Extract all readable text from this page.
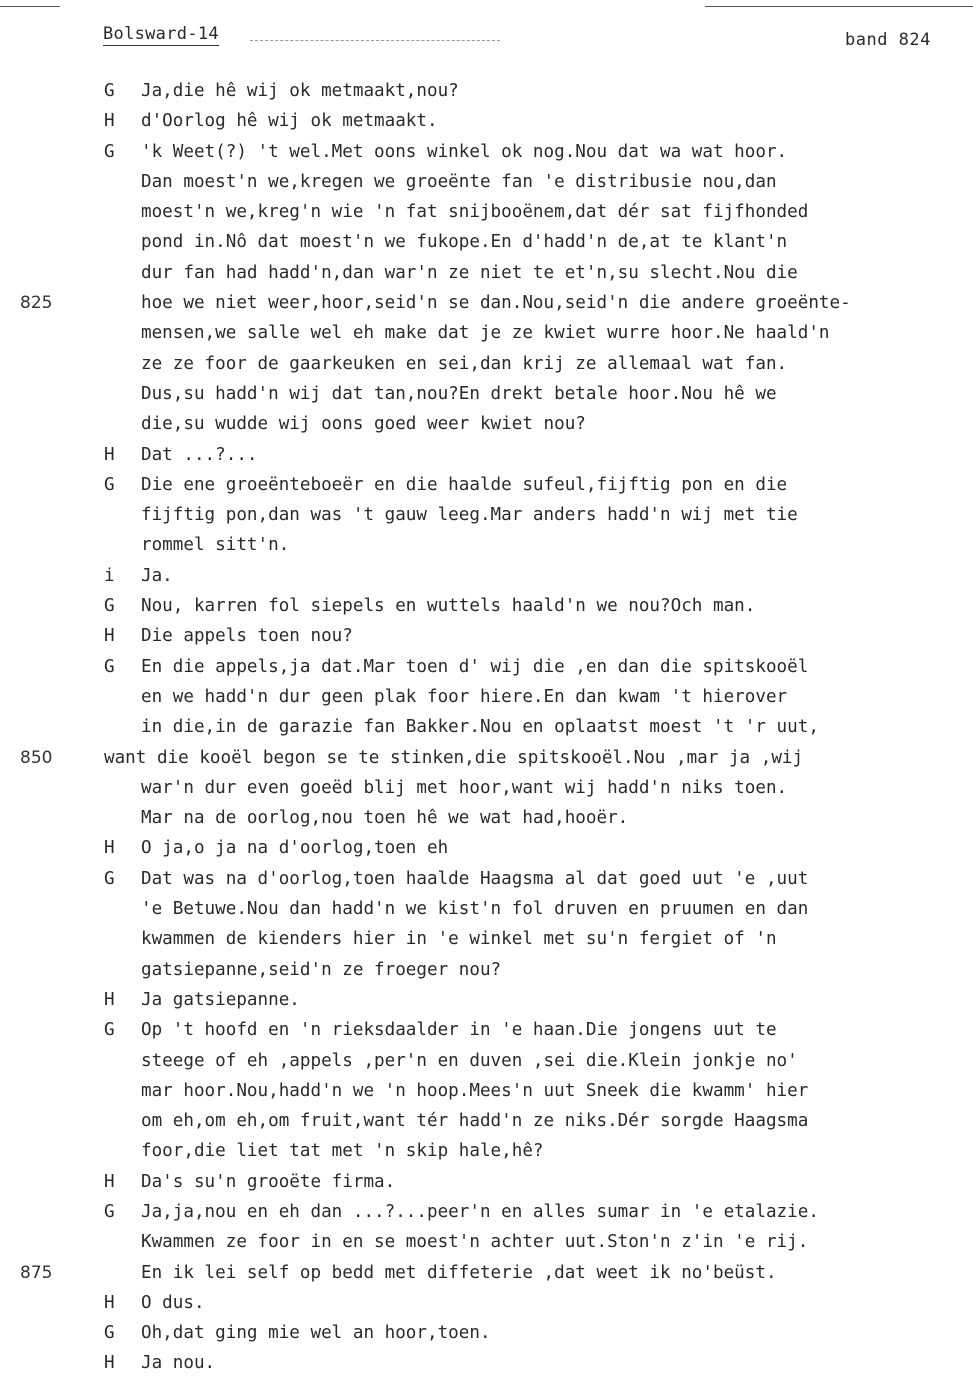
Bolsward-14	band 824
G Ja,die hê wij ok metmaakt,nou?
H d'Oorlog hê wij ok metmaakt.
G 'k Weet(?) 't wel.Met oons winkel ok nog.Nou dat wa wat hoor.
Dan moest'n we,kregen we groeënte fan 'e distribusie nou,dan
moest'n we,kreg'n wie 'n fat snijbooënem,dat dér sat fijfhonded
pond in.Nô dat moest'n we fukope.En d'hadd'n de,at te klant'n
dur fan had hadd'n,dan war'n ze niet te et'n,su slecht.Nou die
825	hoe we niet weer,hoor,seid'n se dan.Nou,seid'n die andere groeënte-
mensen,we salle wel eh make dat je ze kwiet wurre hoor.Ne haald'n
ze ze foor de gaarkeuken en sei,dan krij ze allemaal wat fan.
Dus,su hadd'n wij dat tan,nou?En drekt betale hoor.Nou hê we
die,su wudde wij oons goed weer kwiet nou?
H Dat ...?...
G Die ene groeënteboeër en die haalde sufeul,fijftig pon en die
fijftig pon,dan was 't gauw leeg.Mar anders hadd'n wij met tie
rommel sitt'n.
i Ja.
G Nou, karren fol siepels en wuttels haald'n we nou?Och man.
H Die appels toen nou?
G En die appels,ja dat.Mar toen d' wij die ,en dan die spitskooël
en we hadd'n dur geen plak foor hiere.En dan kwam 't hierover
in die,in de garazie fan Bakker.Nou en oplaatst moest 't 'r uut,
850	want die kooël begon se te stinken,die spitskooël.Nou ,mar ja ,wij
war'n dur even goeëd blij met hoor,want wij hadd'n niks toen.
Mar na de oorlog,nou toen hê we wat had,hooër.
H O ja,o ja na d'oorlog,toen eh
G Dat was na d'oorlog,toen haalde Haagsma al dat goed uut 'e ,uut
'e Betuwe.Nou dan hadd'n we kist'n fol druven en pruumen en dan
kwammen de kienders hier in 'e winkel met su'n fergiet of 'n
gatsiepanne,seid'n ze froeger nou?
H Ja gatsiepanne.
G Op 't hoofd en 'n rieksdaalder in 'e haan.Die jongens uut te
steege of eh ,appels ,per'n en duven ,sei die.Klein jonkje no'
mar hoor.Nou,hadd'n we 'n hoop.Mees'n uut Sneek die kwamm' hier
om eh,om eh,om fruit,want tér hadd'n ze niks.Dér sorgde Haagsma
foor,die liet tat met 'n skip hale,hê?
H Da's su'n grooëte firma.
G Ja,ja,nou en eh dan ...?...peer'n en alles sumar in 'e etalazie.
Kwammen ze foor in en se moest'n achter uut.Ston'n z'in 'e rij.
875	En ik lei self op bedd met diffeterie ,dat weet ik no'beüst.
H O dus.
G Oh,dat ging mie wel an hoor,toen.
H Ja nou.
